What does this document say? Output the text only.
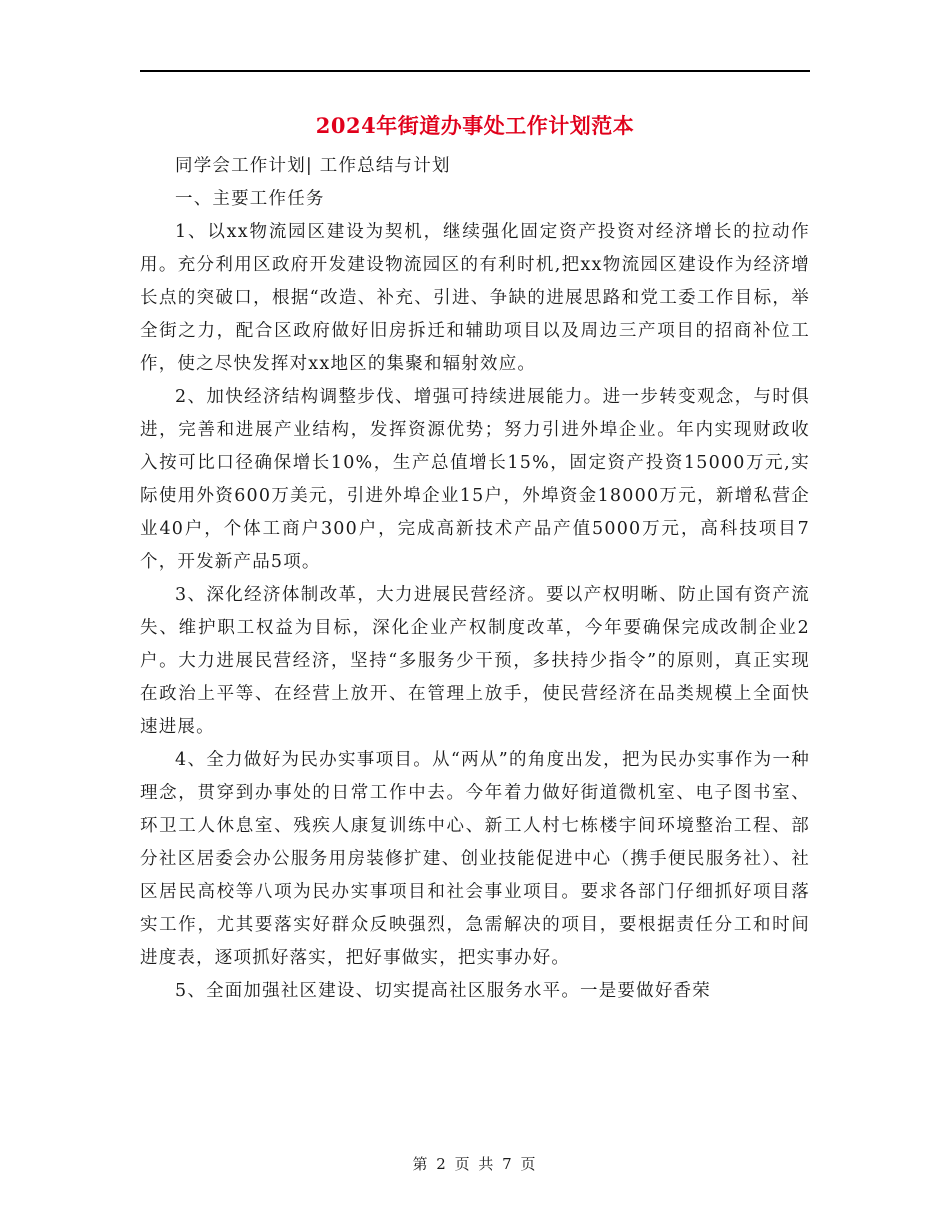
2024年街道办事处工作计划范本

同学会工作计划| 工作总结与计划

一、主要工作任务

1、以xx物流园区建设为契机，继续强化固定资产投资对经济增长的拉动作用。充分利用区政府开发建设物流园区的有利时机,把xx物流园区建设作为经济增长点的突破口，根据“改造、补充、引进、争缺的进展思路和党工委工作目标，举全街之力，配合区政府做好旧房拆迁和辅助项目以及周边三产项目的招商补位工作，使之尽快发挥对xx地区的集聚和辐射效应。

2、加快经济结构调整步伐、增强可持续进展能力。进一步转变观念，与时俱进，完善和进展产业结构，发挥资源优势；努力引进外埠企业。年内实现财政收入按可比口径确保增长10%，生产总值增长15%，固定资产投资15000万元,实际使用外资600万美元，引进外埠企业15户，外埠资金18000万元，新增私营企业40户，个体工商户300户，完成高新技术产品产值5000万元，高科技项目7个，开发新产品5项。

3、深化经济体制改革，大力进展民营经济。要以产权明晰、防止国有资产流失、维护职工权益为目标，深化企业产权制度改革，今年要确保完成改制企业2户。大力进展民营经济，坚持“多服务少干预，多扶持少指令”的原则，真正实现在政治上平等、在经营上放开、在管理上放手，使民营经济在品类规模上全面快速进展。

4、全力做好为民办实事项目。从“两从”的角度出发，把为民办实事作为一种理念，贯穿到办事处的日常工作中去。今年着力做好街道微机室、电子图书室、环卫工人休息室、残疾人康复训练中心、新工人村七栋楼宇间环境整治工程、部分社区居委会办公服务用房装修扩建、创业技能促进中心（携手便民服务社）、社区居民高校等八项为民办实事项目和社会事业项目。要求各部门仔细抓好项目落实工作，尤其要落实好群众反映强烈，急需解决的项目，要根据责任分工和时间进度表，逐项抓好落实，把好事做实，把实事办好。

5、全面加强社区建设、切实提高社区服务水平。一是要做好香荣

第 2 页 共 7 页
